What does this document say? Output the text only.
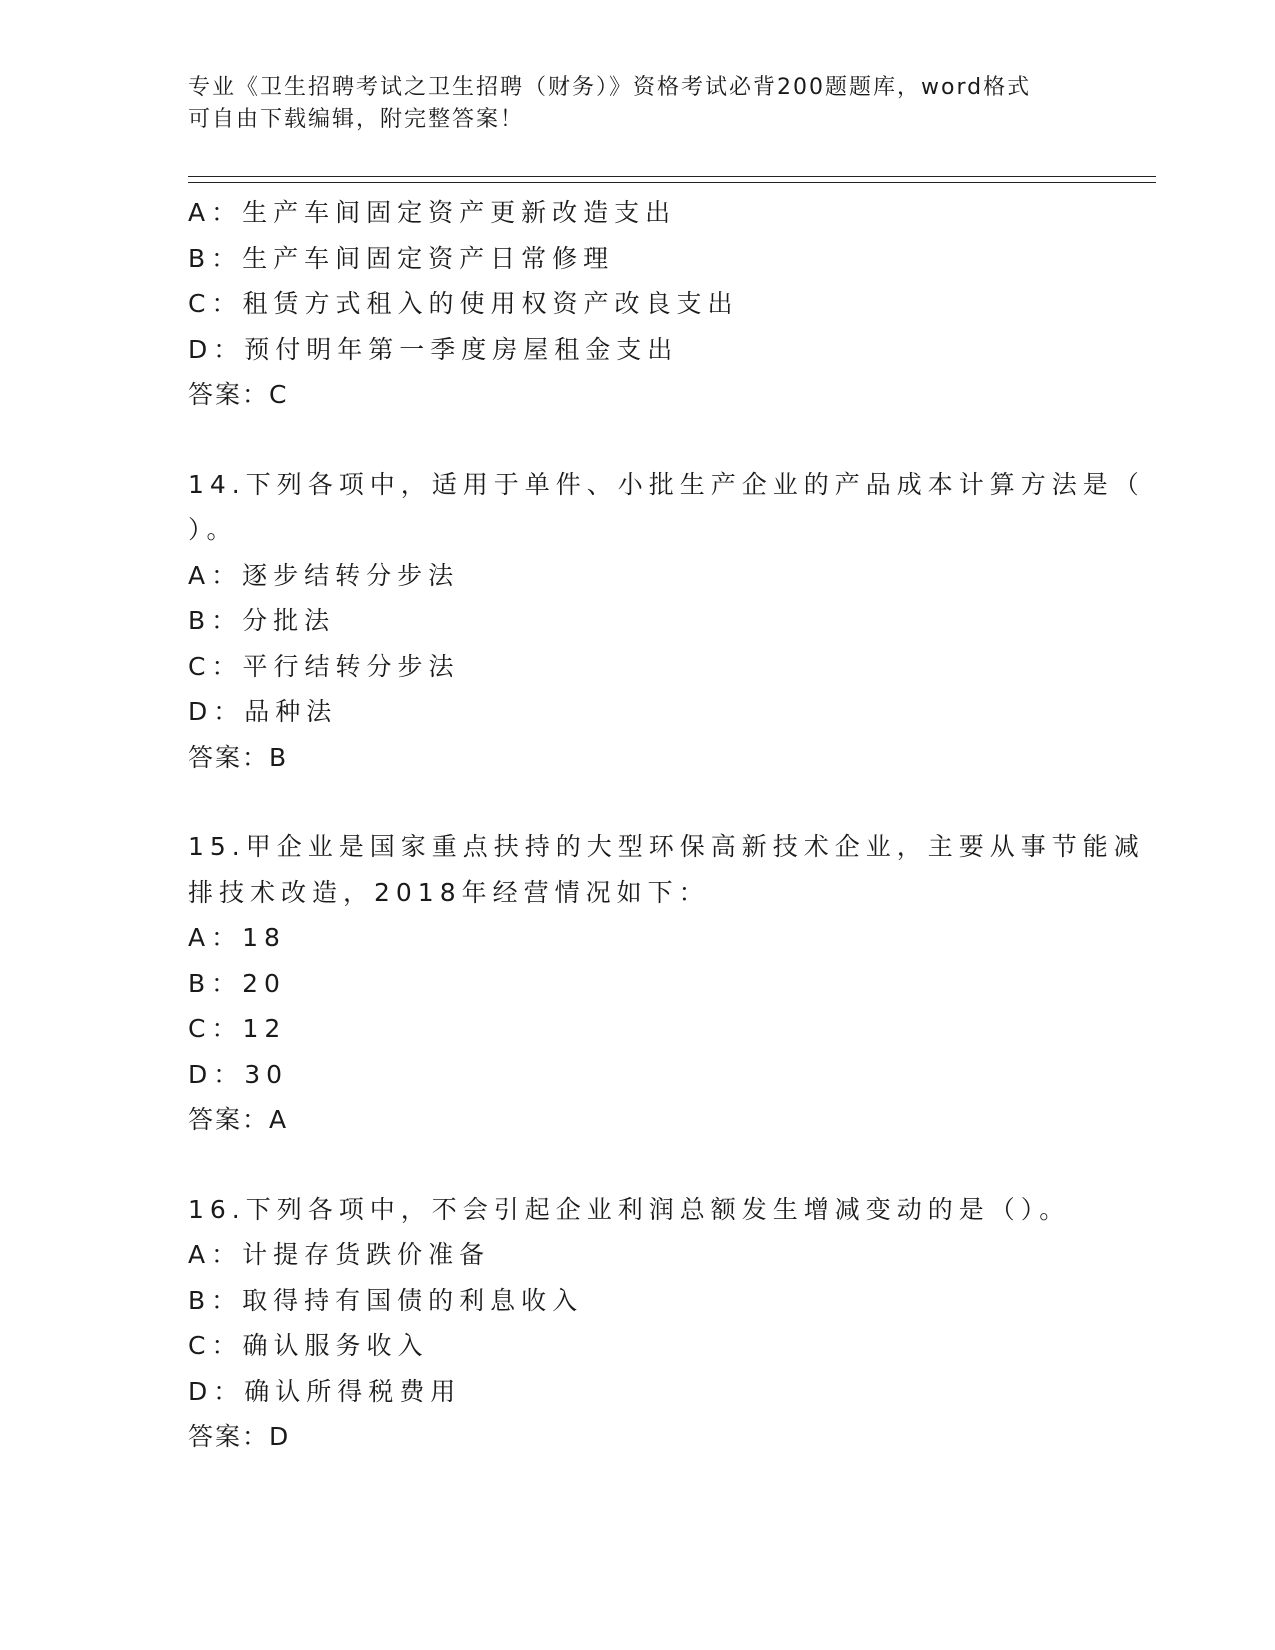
专业《卫生招聘考试之卫生招聘（财务）》资格考试必背200题题库，word格式
可自由下载编辑，附完整答案！
A：生产车间固定资产更新改造支出
B：生产车间固定资产日常修理
C：租赁方式租入的使用权资产改良支出
D：预付明年第一季度房屋租金支出
答案：C
14.下列各项中，适用于单件、小批生产企业的产品成本计算方法是（
）。
A：逐步结转分步法
B：分批法
C：平行结转分步法
D：品种法
答案：B
15.甲企业是国家重点扶持的大型环保高新技术企业，主要从事节能减
排技术改造，2018年经营情况如下：
A：18
B：20
C：12
D：30
答案：A
16.下列各项中，不会引起企业利润总额发生增减变动的是（）。
A：计提存货跌价准备
B：取得持有国债的利息收入
C：确认服务收入
D：确认所得税费用
答案：D
